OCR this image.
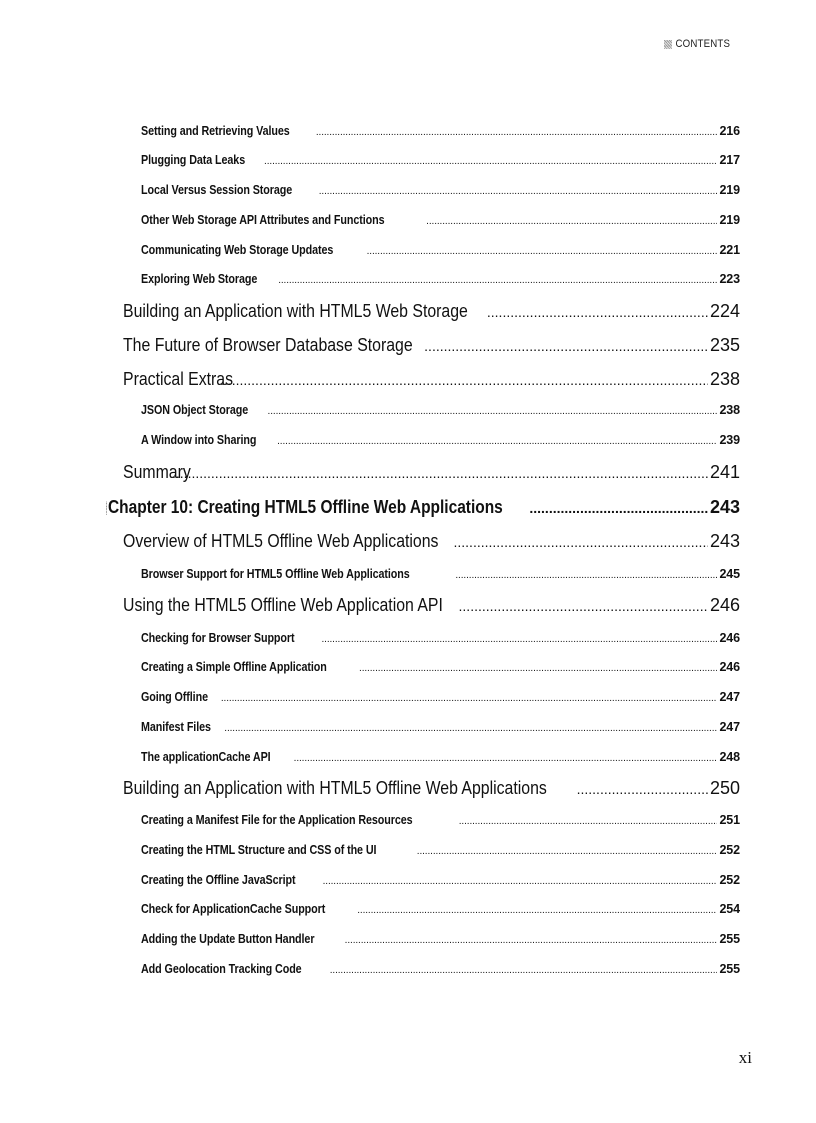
CONTENTS
Setting and Retrieving Values .....	216
Plugging Data Leaks .....	217
Local Versus Session Storage .....	219
Other Web Storage API Attributes and Functions .....	219
Communicating Web Storage Updates .....	221
Exploring Web Storage .....	223
Building an Application with HTML5 Web Storage .....	224
The Future of Browser Database Storage .....	235
Practical Extras .....	238
JSON Object Storage .....	238
A Window into Sharing .....	239
Summary .....	241
Chapter 10: Creating HTML5 Offline Web Applications .....	243
Overview of HTML5 Offline Web Applications .....	243
Browser Support for HTML5 Offline Web Applications .....	245
Using the HTML5 Offline Web Application API .....	246
Checking for Browser Support .....	246
Creating a Simple Offline Application .....	246
Going Offline .....	247
Manifest Files .....	247
The applicationCache API .....	248
Building an Application with HTML5 Offline Web Applications .....	250
Creating a Manifest File for the Application Resources .....	251
Creating the HTML Structure and CSS of the UI .....	252
Creating the Offline JavaScript .....	252
Check for ApplicationCache Support .....	254
Adding the Update Button Handler .....	255
Add Geolocation Tracking Code .....	255
xi
